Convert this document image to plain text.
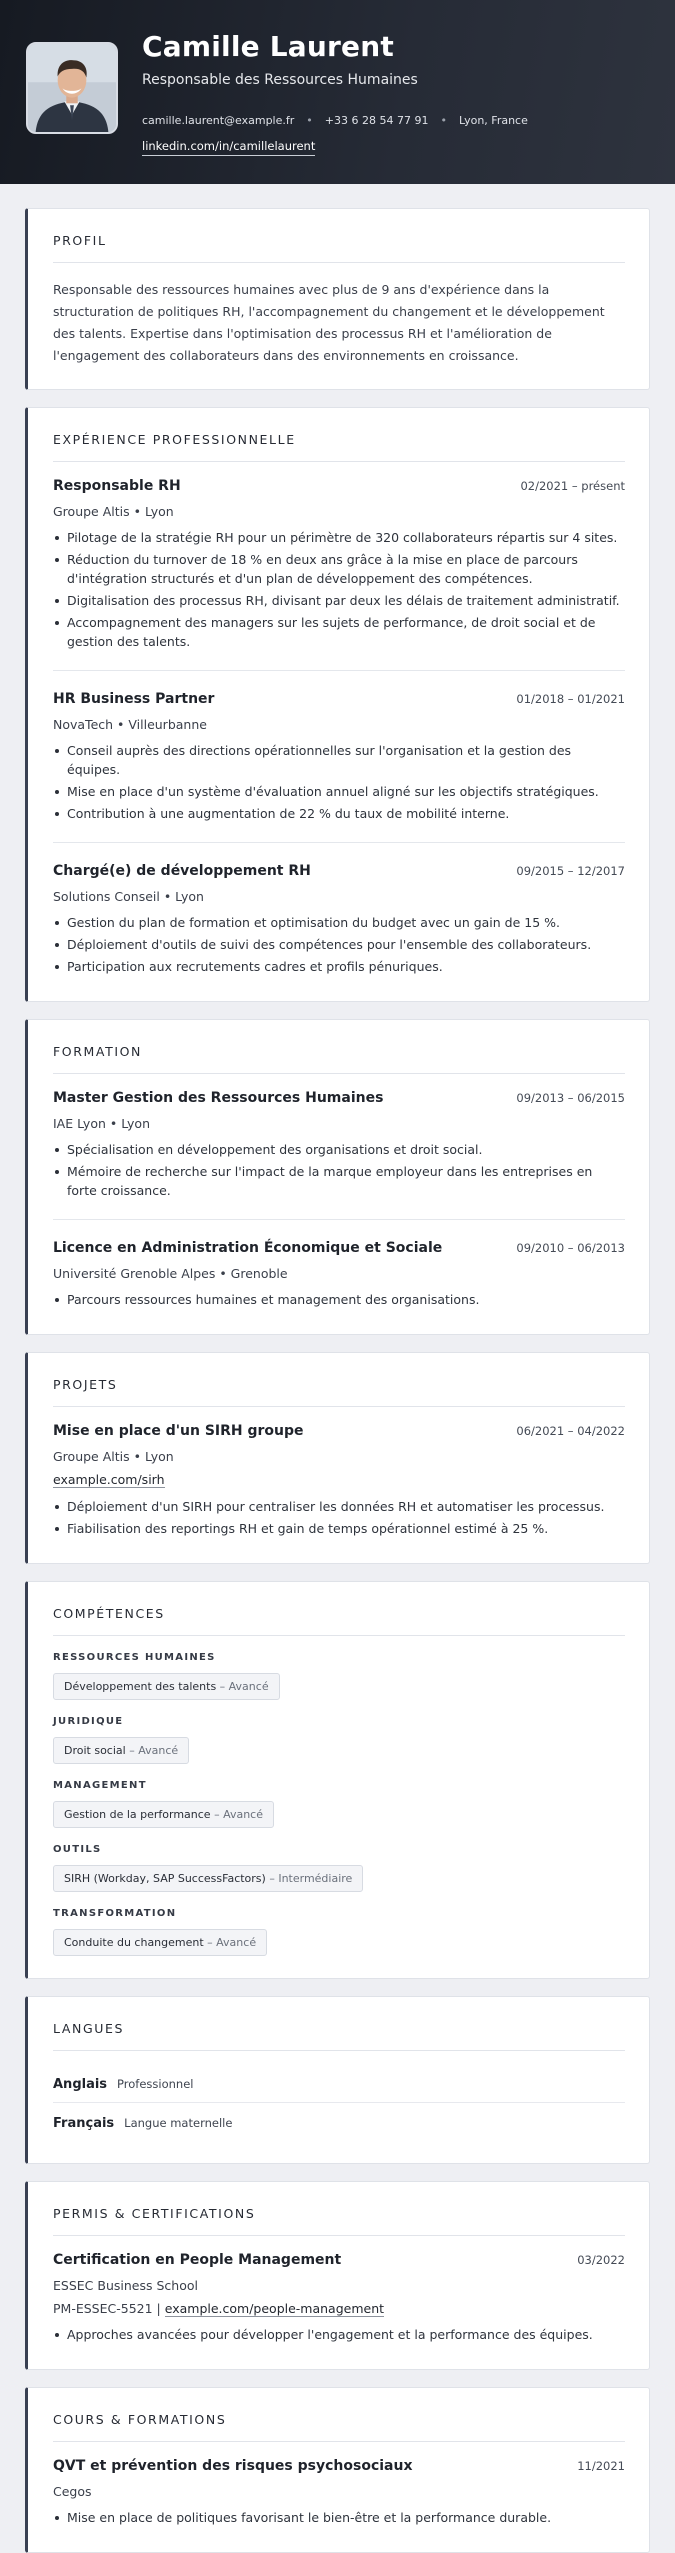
Camille Laurent
Responsable des Ressources Humaines
camille.laurent@example.fr • +33 6 28 54 77 91 • Lyon, France
linkedin.com/in/camillelaurent
PROFIL

Responsable des ressources humaines avec plus de 9 ans d'expérience dans la structuration de politiques RH, l'accompagnement du changement et le développement des talents. Expertise dans l'optimisation des processus RH et l'amélioration de l'engagement des collaborateurs dans des environnements en croissance.

EXPÉRIENCE PROFESSIONNELLE
Responsable RH	02/2021 – présent
Groupe Altis • Lyon
Pilotage de la stratégie RH pour un périmètre de 320 collaborateurs répartis sur 4 sites.
Réduction du turnover de 18 % en deux ans grâce à la mise en place de parcours d'intégration structurés et d'un plan de développement des compétences.
Digitalisation des processus RH, divisant par deux les délais de traitement administratif.
Accompagnement des managers sur les sujets de performance, de droit social et de gestion des talents.
HR Business Partner	01/2018 – 01/2021
NovaTech • Villeurbanne
Conseil auprès des directions opérationnelles sur l'organisation et la gestion des équipes.
Mise en place d'un système d'évaluation annuel aligné sur les objectifs stratégiques.
Contribution à une augmentation de 22 % du taux de mobilité interne.
Chargé(e) de développement RH	09/2015 – 12/2017
Solutions Conseil • Lyon
Gestion du plan de formation et optimisation du budget avec un gain de 15 %.
Déploiement d'outils de suivi des compétences pour l'ensemble des collaborateurs.
Participation aux recrutements cadres et profils pénuriques.
FORMATION
Master Gestion des Ressources Humaines	09/2013 – 06/2015
IAE Lyon • Lyon
Spécialisation en développement des organisations et droit social.
Mémoire de recherche sur l'impact de la marque employeur dans les entreprises en forte croissance.
Licence en Administration Économique et Sociale	09/2010 – 06/2013
Université Grenoble Alpes • Grenoble
Parcours ressources humaines et management des organisations.
PROJETS
Mise en place d'un SIRH groupe	06/2021 – 04/2022
Groupe Altis • Lyon
example.com/sirh
Déploiement d'un SIRH pour centraliser les données RH et automatiser les processus.
Fiabilisation des reportings RH et gain de temps opérationnel estimé à 25 %.
COMPÉTENCES
RESSOURCES HUMAINES
Développement des talents – Avancé
JURIDIQUE
Droit social – Avancé
MANAGEMENT
Gestion de la performance – Avancé
OUTILS
SIRH (Workday, SAP SuccessFactors) – Intermédiaire
TRANSFORMATION
Conduite du changement – Avancé
LANGUES
Anglais Professionnel
Français Langue maternelle
PERMIS & CERTIFICATIONS
Certification en People Management	03/2022
ESSEC Business School
PM-ESSEC-5521 | example.com/people-management
Approches avancées pour développer l'engagement et la performance des équipes.
COURS & FORMATIONS
QVT et prévention des risques psychosociaux	11/2021
Cegos
Mise en place de politiques favorisant le bien-être et la performance durable.
